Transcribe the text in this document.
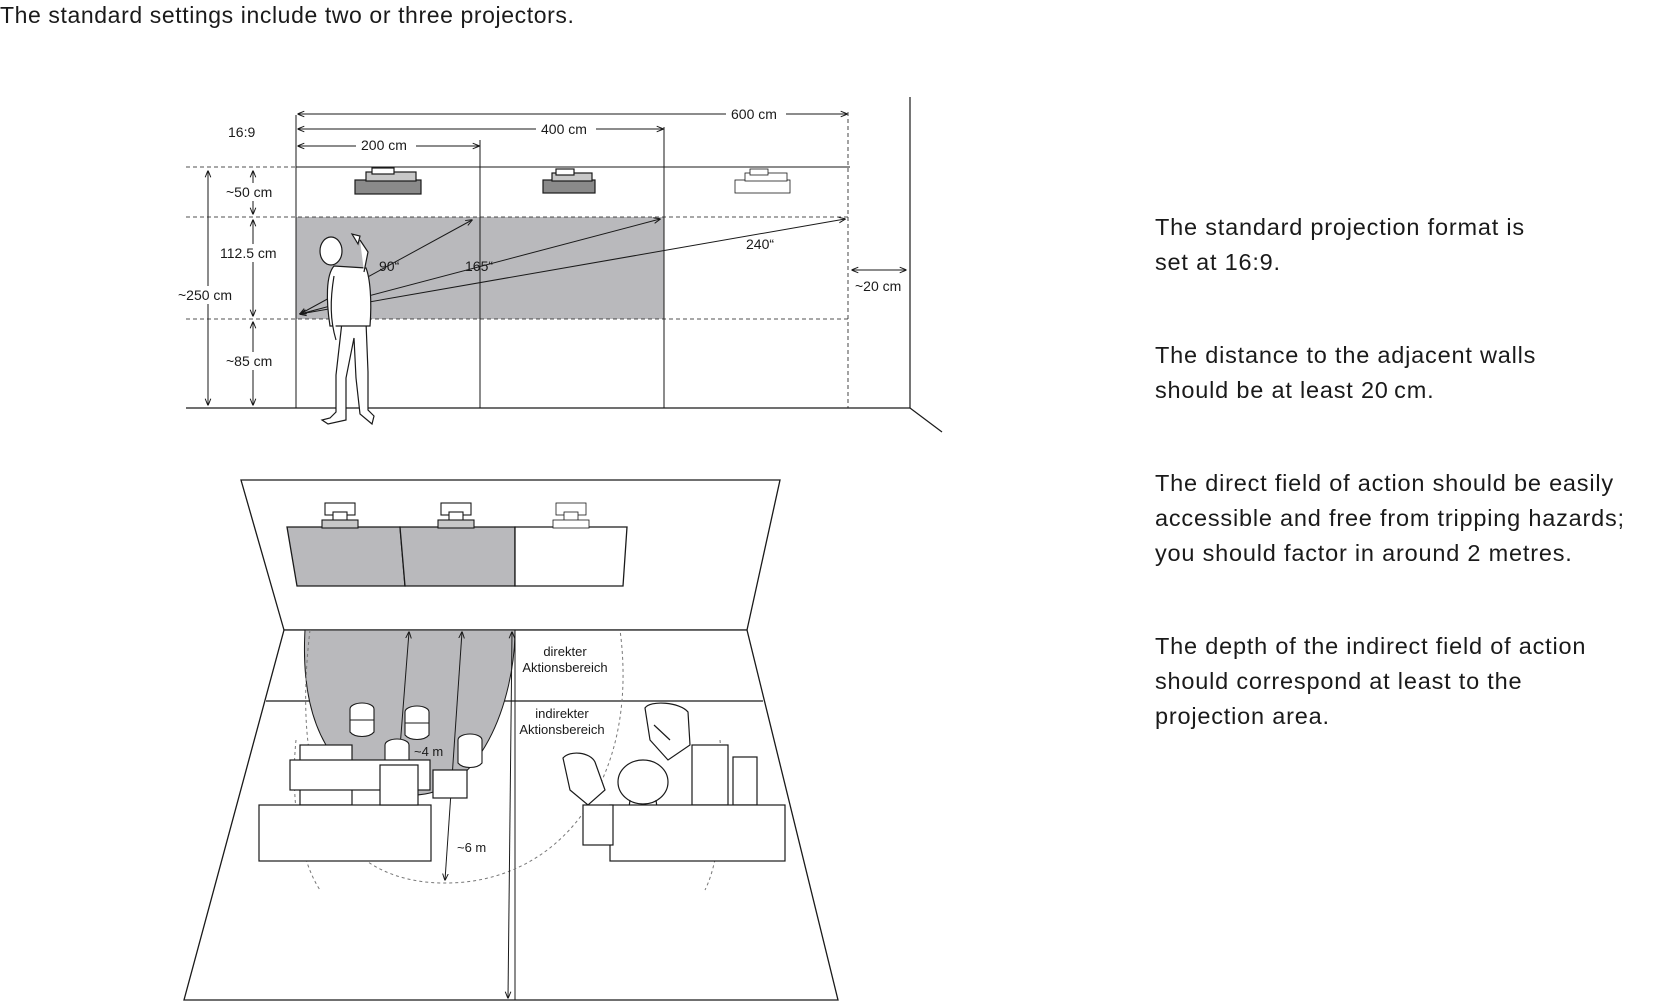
The standard settings include two or three projectors.
16:9
200 cm
400 cm
600 cm
~50 cm
112.5 cm
~85 cm
~250 cm
~20 cm
90“	165“
240“
direkter
Aktionsbereich
indirekter
Aktionsbereich
~4 m
~6 m

The standard projection format is
set at 16:9.

The distance to the adjacent walls
should be at least 20 cm.

The direct field of action should be easily
accessible and free from tripping hazards;
you should factor in around 2 metres.

The depth of the indirect field of action
should correspond at least to the
projection area.
